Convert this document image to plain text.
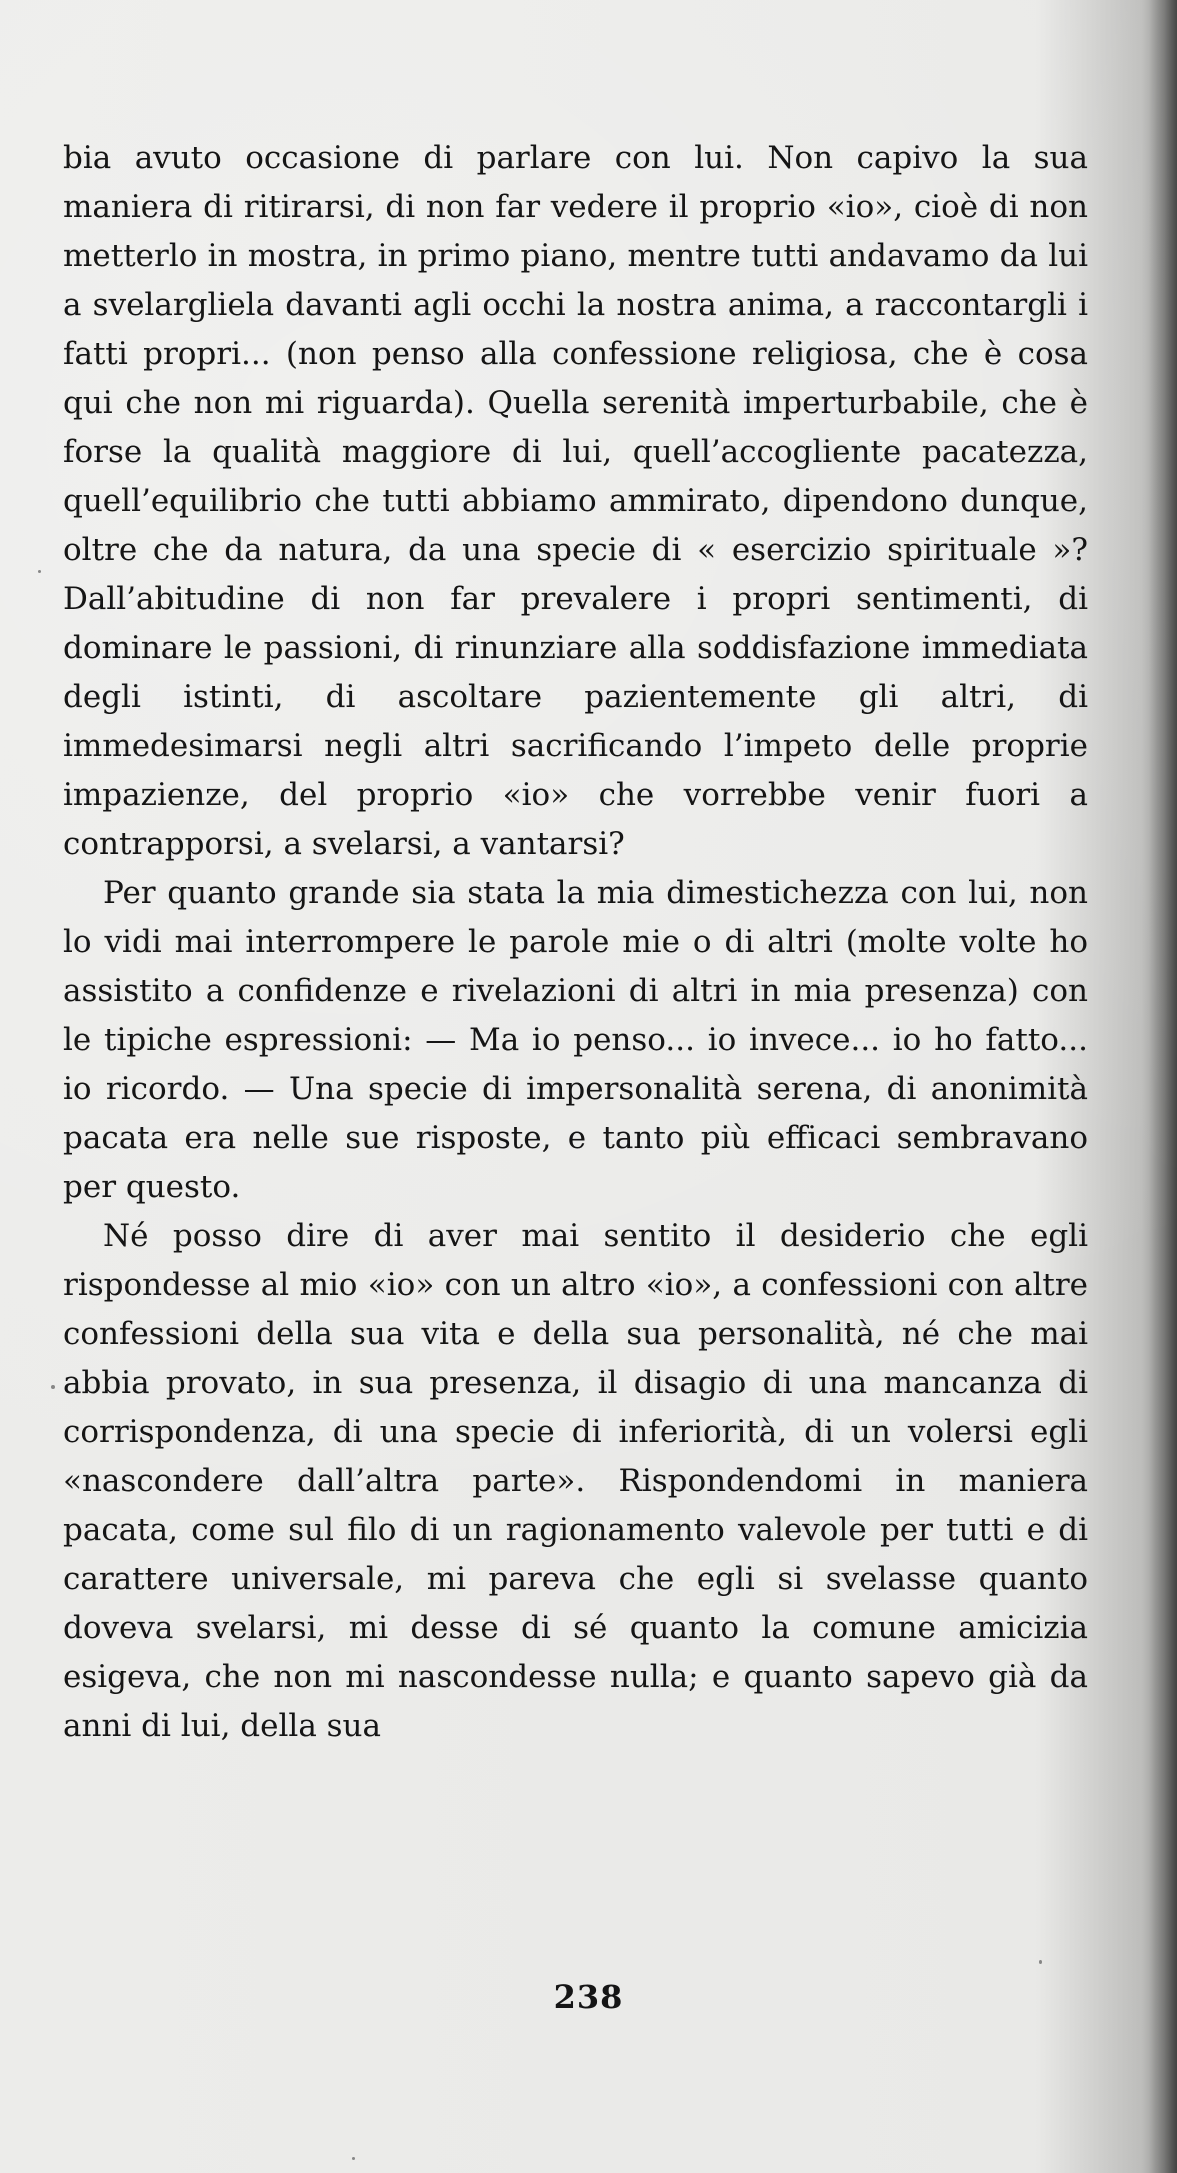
bia avuto occasione di parlare con lui. Non capivo la sua maniera di ritirarsi, di non far vedere il proprio «io», cioè di non metterlo in mostra, in primo piano, mentre tutti andavamo da lui a svelargliela davanti agli occhi la nostra anima, a raccontargli i fatti propri... (non penso alla confessione religiosa, che è cosa qui che non mi riguarda). Quella serenità imperturbabile, che è forse la qualità maggiore di lui, quell’accogliente pacatezza, quell’equilibrio che tutti abbiamo ammirato, dipendono dunque, oltre che da natura, da una specie di « esercizio spirituale »? Dall’abitudine di non far prevalere i propri sentimenti, di dominare le passioni, di rinunziare alla soddisfazione immediata degli istinti, di ascoltare pazientemente gli altri, di immedesimarsi negli altri sacrificando l’impeto delle proprie impazienze, del proprio «io» che vorrebbe venir fuori a contrapporsi, a svelarsi, a vantarsi?

Per quanto grande sia stata la mia dimestichezza con lui, non lo vidi mai interrompere le parole mie o di altri (molte volte ho assistito a confidenze e rivelazioni di altri in mia presenza) con le tipiche espressioni: — Ma io penso... io invece... io ho fatto... io ricordo. — Una specie di impersonalità serena, di anonimità pacata era nelle sue risposte, e tanto più efficaci sembravano per questo.

Né posso dire di aver mai sentito il desiderio che egli rispondesse al mio «io» con un altro «io», a confessioni con altre confessioni della sua vita e della sua personalità, né che mai abbia provato, in sua presenza, il disagio di una mancanza di corrispondenza, di una specie di inferiorità, di un volersi egli «nascondere dall’altra parte». Rispondendomi in maniera pacata, come sul filo di un ragionamento valevole per tutti e di carattere universale, mi pareva che egli si svelasse quanto doveva svelarsi, mi desse di sé quanto la comune amicizia esigeva, che non mi nascondesse nulla; e quanto sapevo già da anni di lui, della sua

238
